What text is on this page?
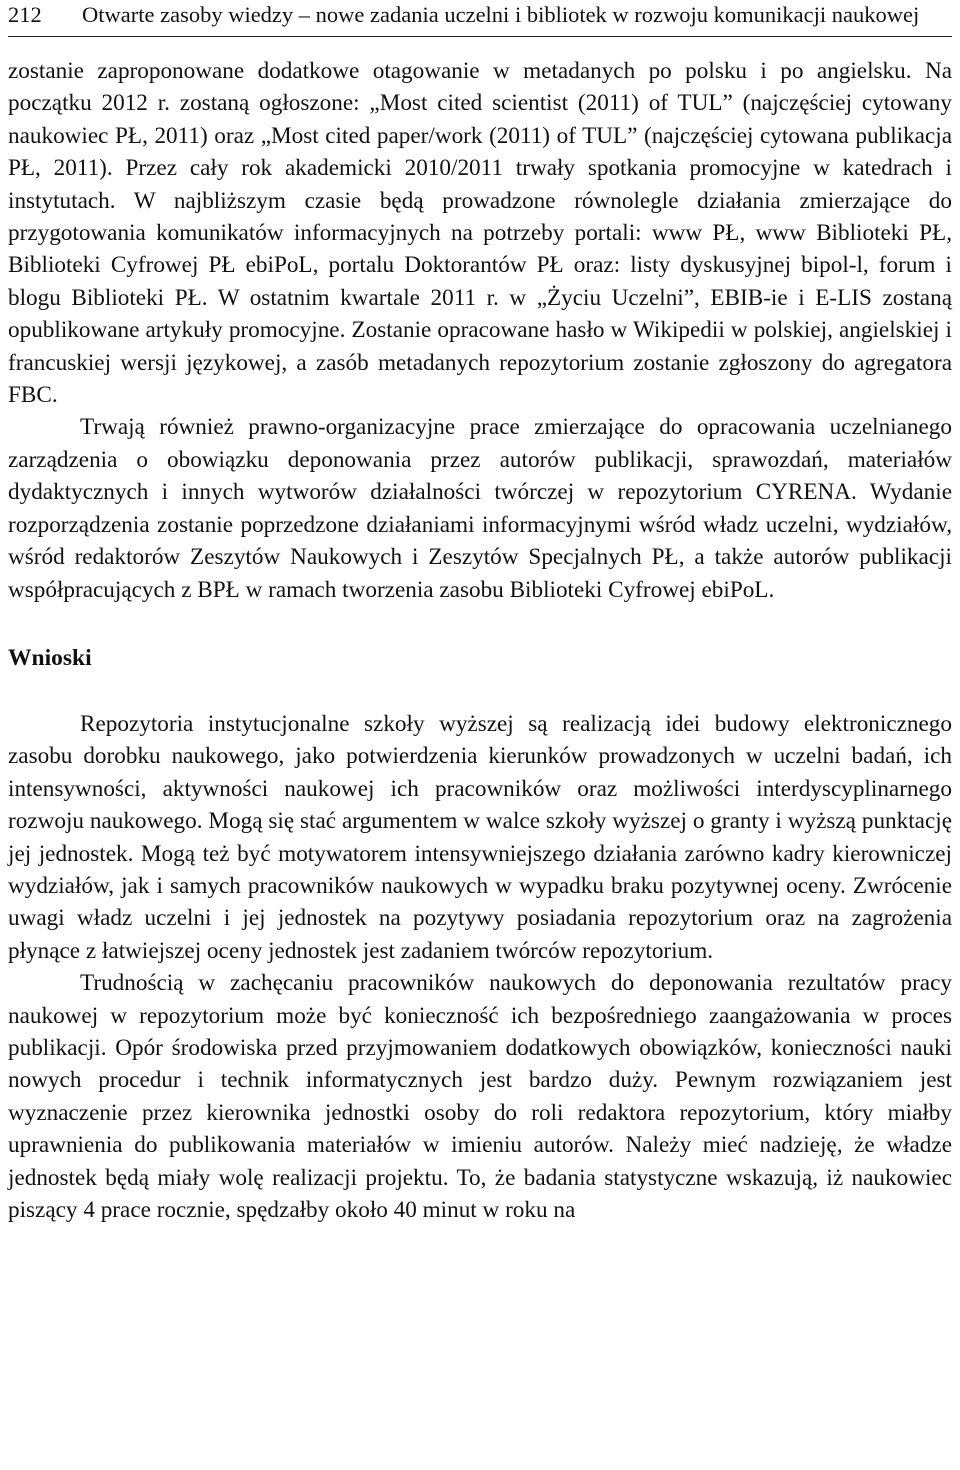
212 Otwarte zasoby wiedzy – nowe zadania uczelni i bibliotek w rozwoju komunikacji naukowej

zostanie zaproponowane dodatkowe otagowanie w metadanych po polsku i po angielsku. Na początku 2012 r. zostaną ogłoszone: „Most cited scientist (2011) of TUL” (najczęściej cytowany naukowiec PŁ, 2011) oraz „Most cited paper/work (2011) of TUL” (najczęściej cytowana publikacja PŁ, 2011). Przez cały rok akademicki 2010/2011 trwały spotkania promocyjne w katedrach i instytutach. W najbliższym czasie będą prowadzone równolegle działania zmierzające do przygotowania komunikatów informacyjnych na potrzeby portali: www PŁ, www Biblioteki PŁ, Biblioteki Cyfrowej PŁ ebiPoL, portalu Doktorantów PŁ oraz: listy dyskusyjnej bipol-l, forum i blogu Biblioteki PŁ. W ostatnim kwartale 2011 r. w „Życiu Uczelni”, EBIB-ie i E-LIS zostaną opublikowane artykuły promocyjne. Zostanie opracowane hasło w Wikipedii w polskiej, angielskiej i francuskiej wersji językowej, a zasób metadanych repozytorium zostanie zgłoszony do agregatora FBC.

Trwają również prawno-organizacyjne prace zmierzające do opracowania uczelnianego zarządzenia o obowiązku deponowania przez autorów publikacji, sprawozdań, materiałów dydaktycznych i innych wytworów działalności twórczej w repozytorium CYRENA. Wydanie rozporządzenia zostanie poprzedzone działaniami informacyjnymi wśród władz uczelni, wydziałów, wśród redaktorów Zeszytów Naukowych i Zeszytów Specjalnych PŁ, a także autorów publikacji współpracujących z BPŁ w ramach tworzenia zasobu Biblioteki Cyfrowej ebiPoL.

Wnioski

Repozytoria instytucjonalne szkoły wyższej są realizacją idei budowy elektronicznego zasobu dorobku naukowego, jako potwierdzenia kierunków prowadzonych w uczelni badań, ich intensywności, aktywności naukowej ich pracowników oraz możliwości interdyscyplinarnego rozwoju naukowego. Mogą się stać argumentem w walce szkoły wyższej o granty i wyższą punktację jej jednostek. Mogą też być motywatorem intensywniejszego działania zarówno kadry kierowniczej wydziałów, jak i samych pracowników naukowych w wypadku braku pozytywnej oceny. Zwrócenie uwagi władz uczelni i jej jednostek na pozytywy posiadania repozytorium oraz na zagrożenia płynące z łatwiejszej oceny jednostek jest zadaniem twórców repozytorium.

Trudnością w zachęcaniu pracowników naukowych do deponowania rezultatów pracy naukowej w repozytorium może być konieczność ich bezpośredniego zaangażowania w proces publikacji. Opór środowiska przed przyjmowaniem dodatkowych obowiązków, konieczności nauki nowych procedur i technik informatycznych jest bardzo duży. Pewnym rozwiązaniem jest wyznaczenie przez kierownika jednostki osoby do roli redaktora repozytorium, który miałby uprawnienia do publikowania materiałów w imieniu autorów. Należy mieć nadzieję, że władze jednostek będą miały wolę realizacji projektu. To, że badania statystyczne wskazują, iż naukowiec piszący 4 prace rocznie, spędzałby około 40 minut w roku na
